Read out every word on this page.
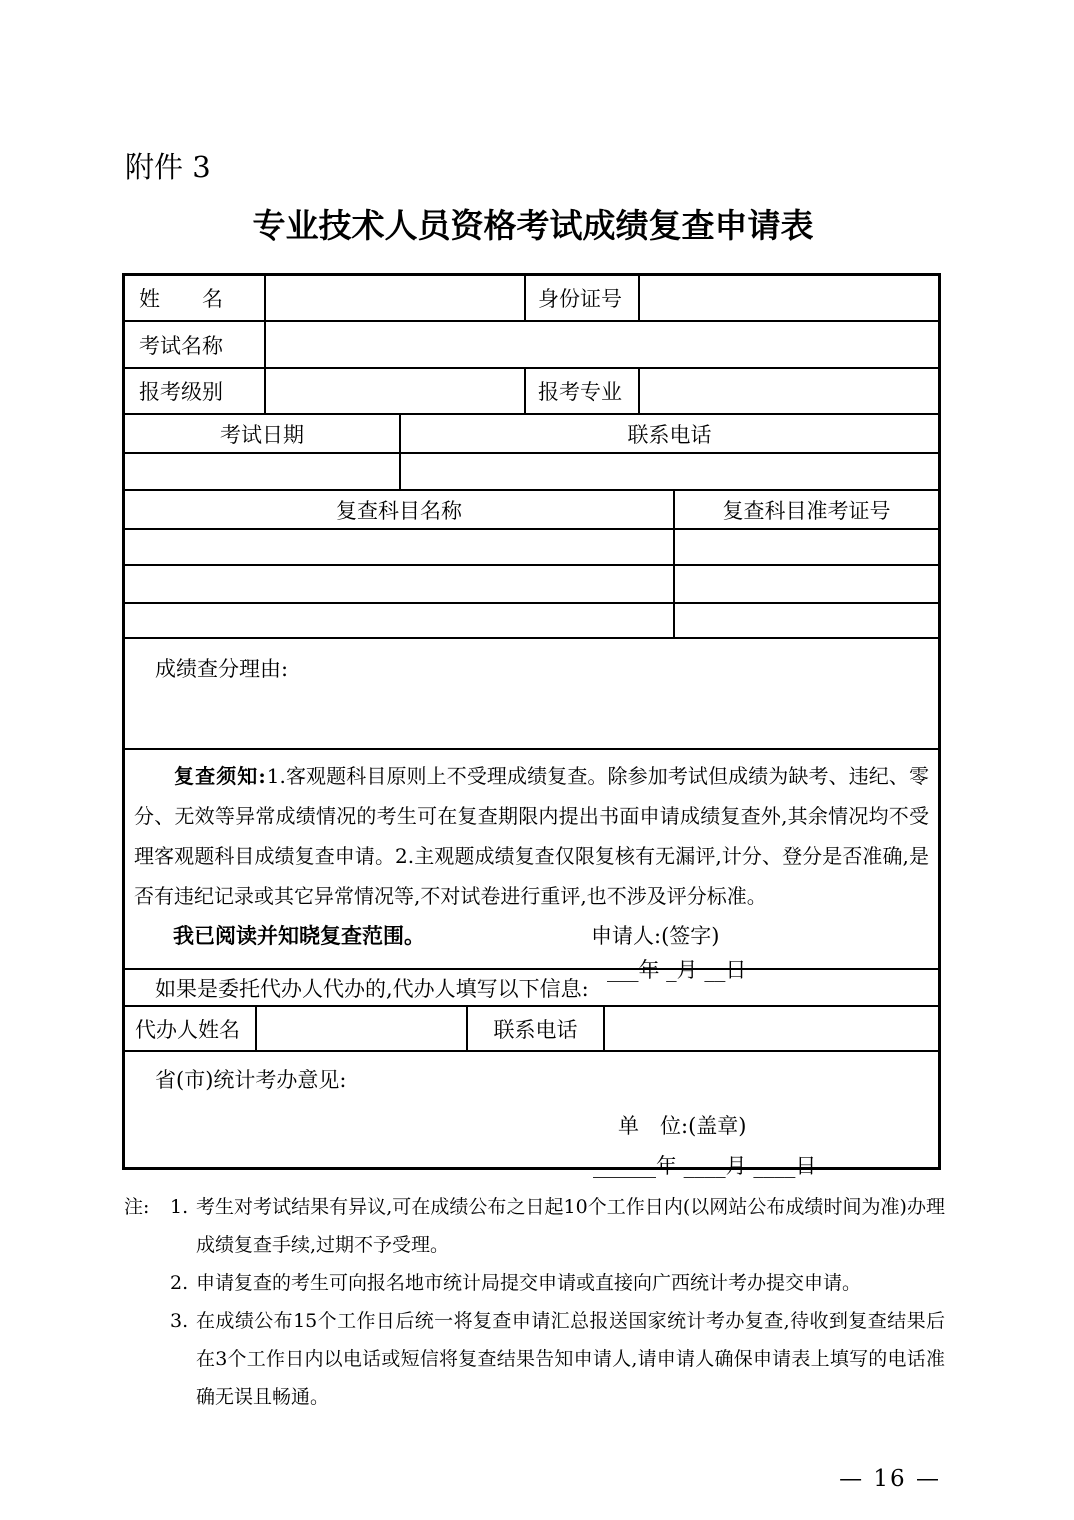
附件 3
专业技术人员资格考试成绩复查申请表
姓　　名	身份证号
考试名称
报考级别	报考专业
考试日期	联系电话
复查科目名称	复查科目准考证号
成绩查分理由:

复查须知:1.客观题科目原则上不受理成绩复查。除参加考试但成绩为缺考、违纪、零分、无效等异常成绩情况的考生可在复查期限内提出书面申请成绩复查外,其余情况均不受理客观题科目成绩复查申请。2.主观题成绩复查仅限复核有无漏评,计分、登分是否准确,是否有违纪记录或其它异常情况等,不对试卷进行重评,也不涉及评分标准。

我已阅读并知晓复查范围。	申请人:(签字)
___年 _月 __日
如果是委托代办人代办的,代办人填写以下信息:
代办人姓名	联系电话
省(市)统计考办意见:
单　位:(盖章)
______年 ____月 ____日
注:	1. 考生对考试结果有异议,可在成绩公布之日起10个工作日内(以网站公布成绩时间为准)办理成绩复查手续,过期不予受理。
2. 申请复查的考生可向报名地市统计局提交申请或直接向广西统计考办提交申请。
3. 在成绩公布15个工作日后统一将复查申请汇总报送国家统计考办复查,待收到复查结果后在3个工作日内以电话或短信将复查结果告知申请人,请申请人确保申请表上填写的电话准确无误且畅通。
— 16 —
